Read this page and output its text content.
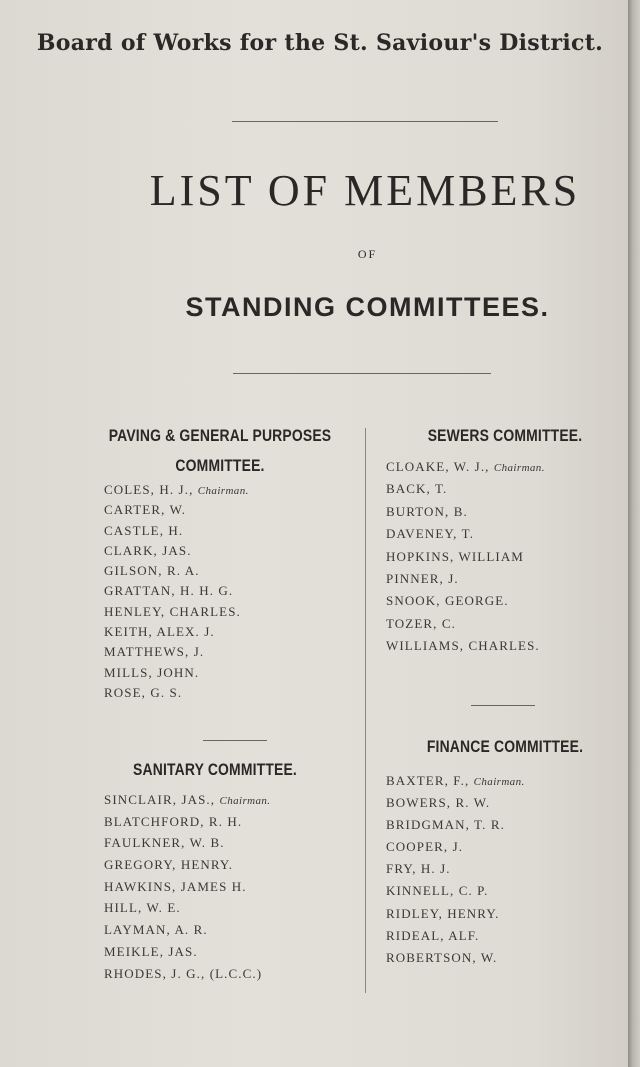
Board of Works for the St. Saviour's District.
LIST OF MEMBERS
OF
STANDING COMMITTEES.
PAVING & GENERAL PURPOSES
COMMITTEE.
COLES, H. J., Chairman.
CARTER, W.
CASTLE, H.
CLARK, JAS.
GILSON, R. A.
GRATTAN, H. H. G.
HENLEY, CHARLES.
KEITH, ALEX. J.
MATTHEWS, J.
MILLS, JOHN.
ROSE, G. S.
SANITARY COMMITTEE.
SINCLAIR, JAS., Chairman.
BLATCHFORD, R. H.
FAULKNER, W. B.
GREGORY, HENRY.
HAWKINS, JAMES H.
HILL, W. E.
LAYMAN, A. R.
MEIKLE, JAS.
RHODES, J. G., (L.C.C.)
SEWERS COMMITTEE.
CLOAKE, W. J., Chairman.
BACK, T.
BURTON, B.
DAVENEY, T.
HOPKINS, WILLIAM
PINNER, J.
SNOOK, GEORGE.
TOZER, C.
WILLIAMS, CHARLES.
FINANCE COMMITTEE.
BAXTER, F., Chairman.
BOWERS, R. W.
BRIDGMAN, T. R.
COOPER, J.
FRY, H. J.
KINNELL, C. P.
RIDLEY, HENRY.
RIDEAL, ALF.
ROBERTSON, W.
